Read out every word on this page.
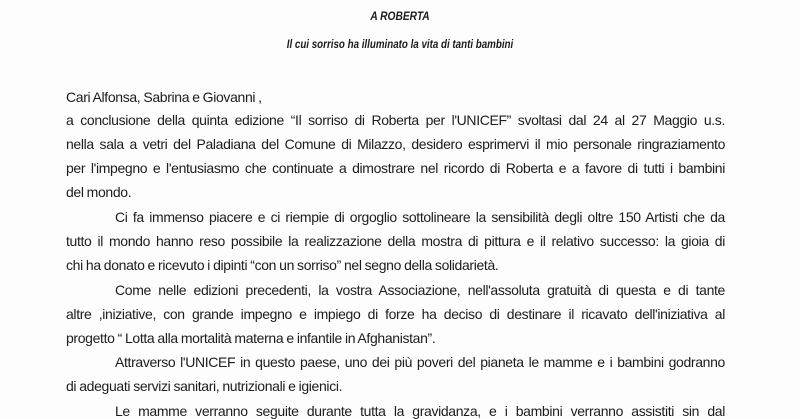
A ROBERTA
Il cui sorriso ha illuminato la vita di tanti bambini
Cari Alfonsa, Sabrina e Giovanni ,
a conclusione della quinta edizione “Il sorriso di Roberta per l'UNICEF” svoltasi dal 24 al 27 Maggio u.s.
nella sala a vetri del Paladiana del Comune di Milazzo, desidero esprimervi il mio personale ringraziamento
per l'impegno e l'entusiasmo che continuate a dimostrare nel ricordo di Roberta e a favore di tutti i bambini
del mondo.
Ci fa immenso piacere e ci riempie di orgoglio sottolineare la sensibilità degli oltre 150 Artisti che da
tutto il mondo hanno reso possibile la realizzazione della mostra di pittura e il relativo successo: la gioia di
chi ha donato e ricevuto i dipinti “con un sorriso” nel segno della solidarietà.
Come nelle edizioni precedenti, la vostra Associazione, nell'assoluta gratuità di questa e di tante
altre ,iniziative, con grande impegno e impiego di forze ha deciso di destinare il ricavato dell'iniziativa al
progetto “ Lotta alla mortalità materna e infantile in Afghanistan”.
Attraverso l'UNICEF in questo paese, uno dei più poveri del pianeta le mamme e i bambini godranno
di adeguati servizi sanitari, nutrizionali e igienici.
Le mamme verranno seguite durante tutta la gravidanza, e i bambini verranno assistiti sin dal
